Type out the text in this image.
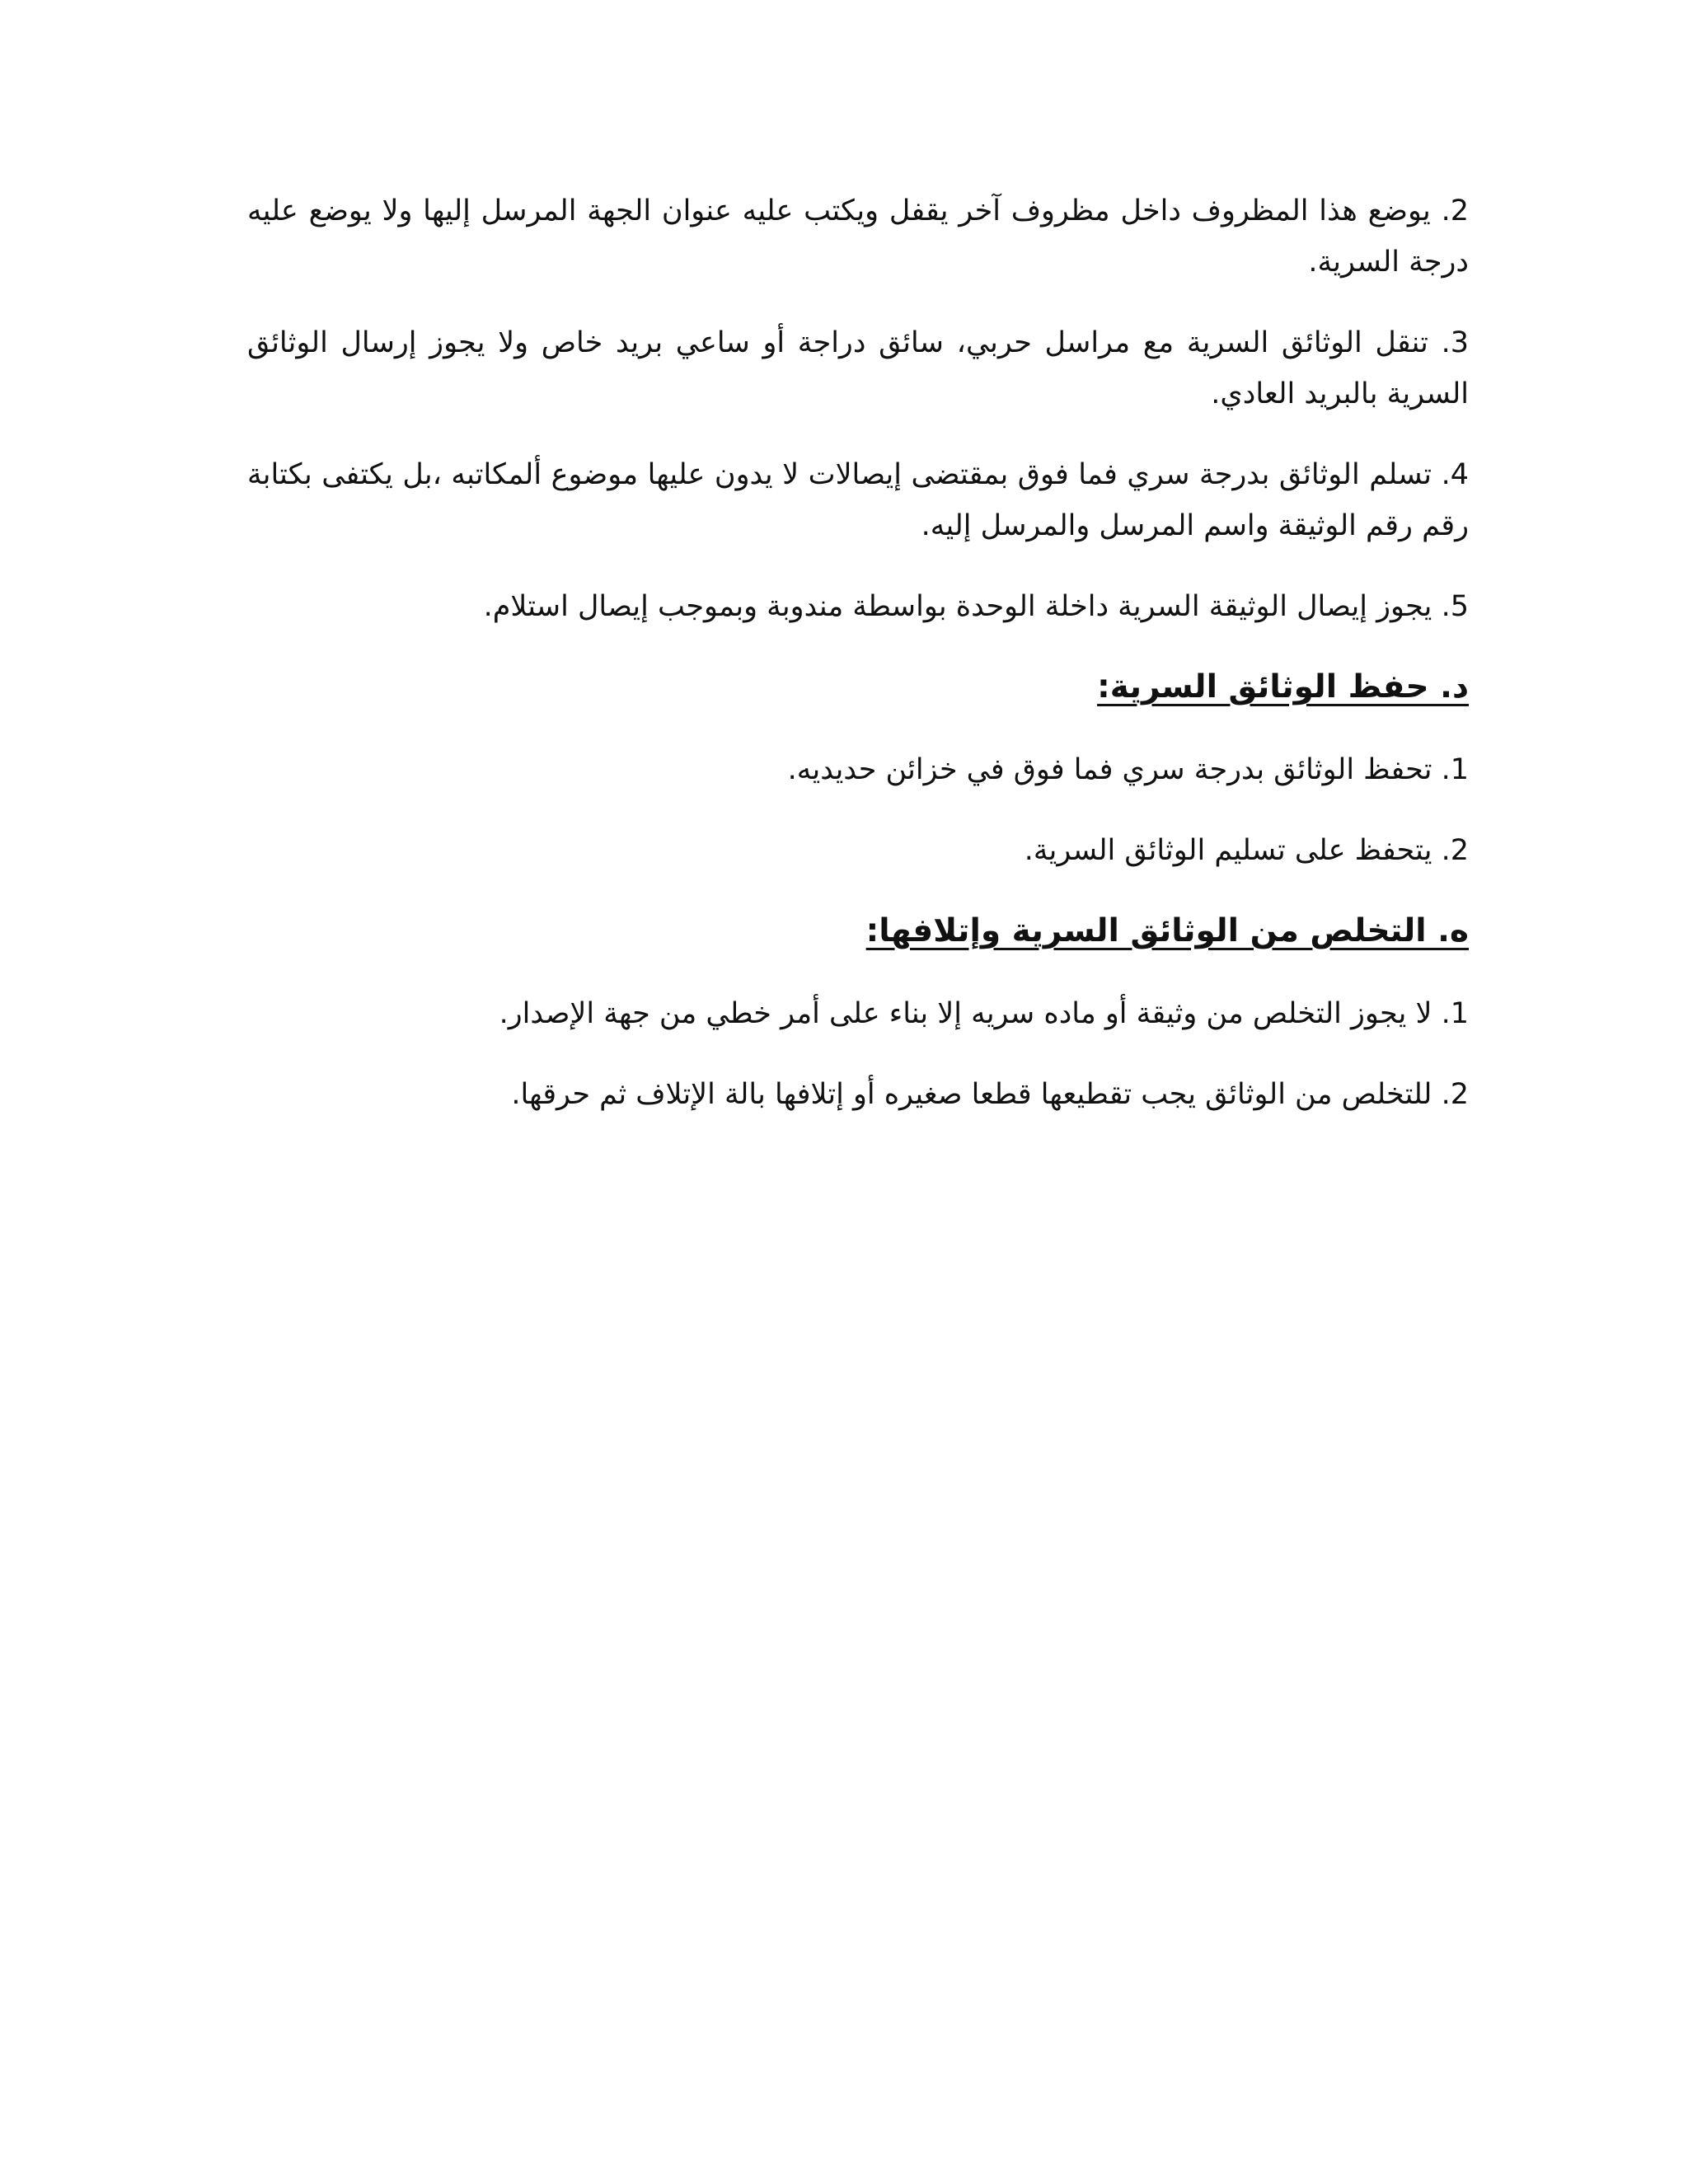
2. يوضع هذا المظروف داخل مظروف آخر يقفل ويكتب عليه عنوان الجهة المرسل إليها ولا يوضع عليه درجة السرية.

3. تنقل الوثائق السرية مع مراسل حربي، سائق دراجة أو ساعي بريد خاص ولا يجوز إرسال الوثائق السرية بالبريد العادي.

4. تسلم الوثائق بدرجة سري فما فوق بمقتضى إيصالات لا يدون عليها موضوع ألمكاتبه ،بل يكتفى بكتابة رقم رقم الوثيقة واسم المرسل والمرسل إليه.

5. يجوز إيصال الوثيقة السرية داخلة الوحدة بواسطة مندوبة وبموجب إيصال استلام.

د. حفظ الوثائق السرية:

1. تحفظ الوثائق بدرجة سري فما فوق في خزائن حديديه.

2. يتحفظ على تسليم الوثائق السرية.

ه. التخلص من الوثائق السرية وإتلافها:

1. لا يجوز التخلص من وثيقة أو ماده سريه إلا بناء على أمر خطي من جهة الإصدار.

2. للتخلص من الوثائق يجب تقطيعها قطعا صغيره أو إتلافها بالة الإتلاف ثم حرقها.
